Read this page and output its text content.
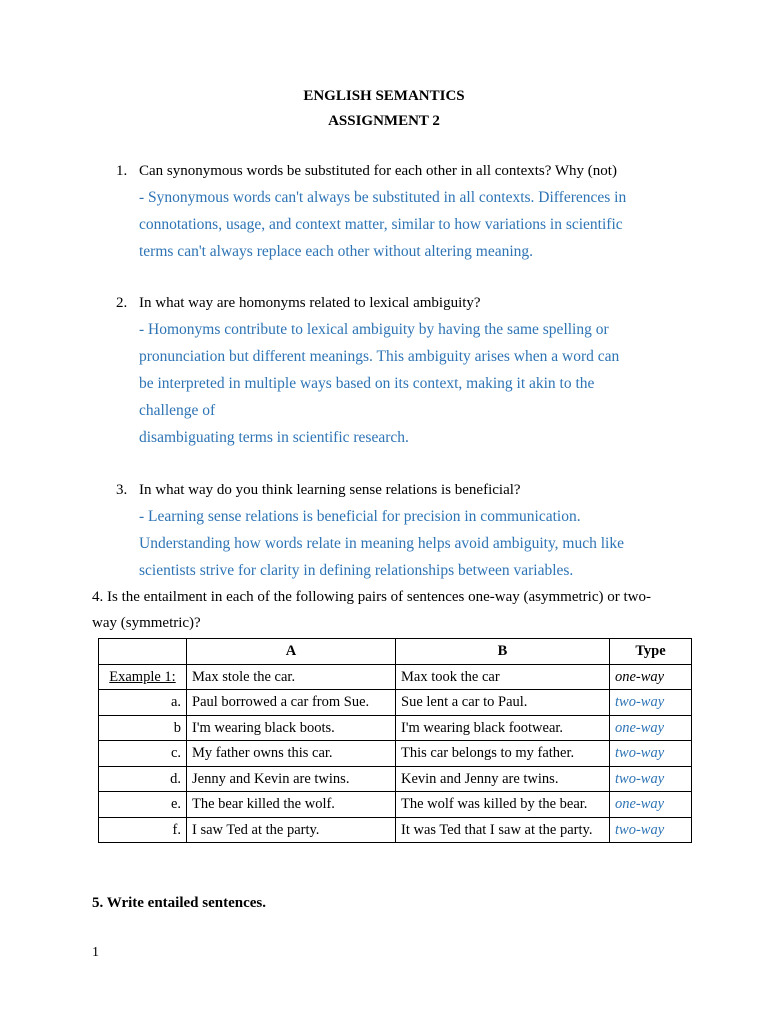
ENGLISH SEMANTICS
ASSIGNMENT 2
1. Can synonymous words be substituted for each other in all contexts? Why (not)
- Synonymous words can't always be substituted in all contexts. Differences in
connotations, usage, and context matter, similar to how variations in scientific
terms can't always replace each other without altering meaning.
2. In what way are homonyms related to lexical ambiguity?
- Homonyms contribute to lexical ambiguity by having the same spelling or
pronunciation but different meanings. This ambiguity arises when a word can
be interpreted in multiple ways based on its context, making it akin to the
challenge of
disambiguating terms in scientific research.
3. In what way do you think learning sense relations is beneficial?
- Learning sense relations is beneficial for precision in communication.
Understanding how words relate in meaning helps avoid ambiguity, much like
scientists strive for clarity in defining relationships between variables.
4. Is the entailment in each of the following pairs of sentences one-way (asymmetric) or two-
way (symmetric)?
	A	B	Type
Example 1:	Max stole the car.	Max took the car	one-way
a.	Paul borrowed a car from Sue.	Sue lent a car to Paul.	two-way
b	I'm wearing black boots.	I'm wearing black footwear.	one-way
c.	My father owns this car.	This car belongs to my father.	two-way
d.	Jenny and Kevin are twins.	Kevin and Jenny are twins.	two-way
e.	The bear killed the wolf.	The wolf was killed by the bear.	one-way
f.	I saw Ted at the party.	It was Ted that I saw at the party.	two-way
5. Write entailed sentences.
1
